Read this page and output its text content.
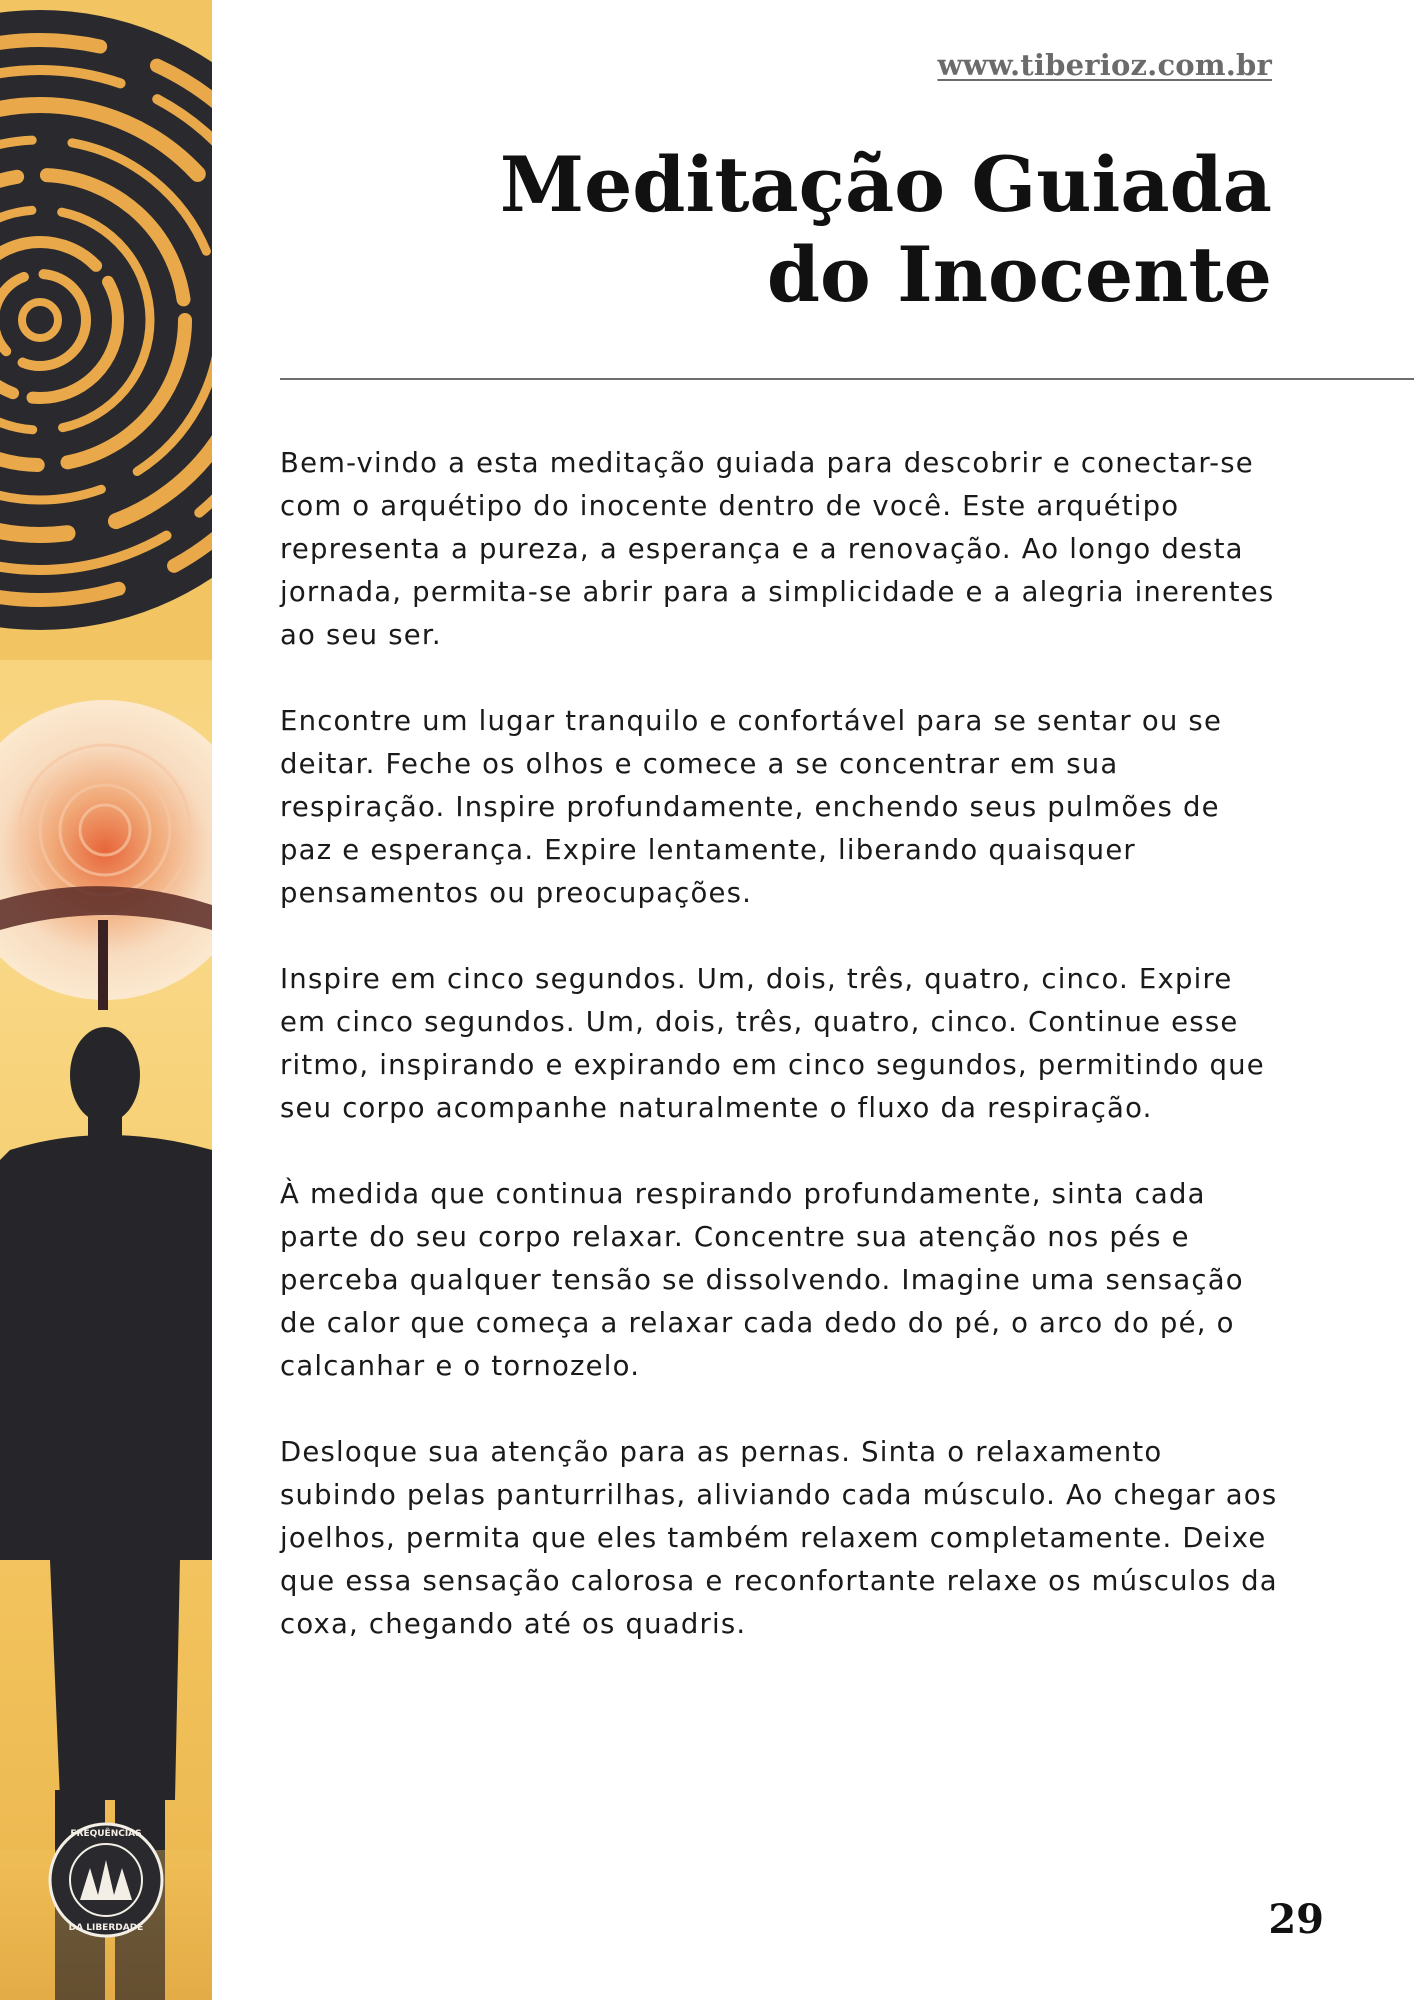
FREQUÊNCIAS
DA LIBERDADE
www.tiberioz.com.br
Meditação Guiada
do Inocente

Bem-vindo a esta meditação guiada para descobrir e conectar-se com o arquétipo do inocente dentro de você. Este arquétipo representa a pureza, a esperança e a renovação. Ao longo desta jornada, permita-se abrir para a simplicidade e a alegria inerentes ao seu ser.

Encontre um lugar tranquilo e confortável para se sentar ou se deitar. Feche os olhos e comece a se concentrar em sua respiração. Inspire profundamente, enchendo seus pulmões de paz e esperança. Expire lentamente, liberando quaisquer pensamentos ou preocupações.

Inspire em cinco segundos. Um, dois, três, quatro, cinco. Expire em cinco segundos. Um, dois, três, quatro, cinco. Continue esse ritmo, inspirando e expirando em cinco segundos, permitindo que seu corpo acompanhe naturalmente o fluxo da respiração.

À medida que continua respirando profundamente, sinta cada parte do seu corpo relaxar. Concentre sua atenção nos pés e perceba qualquer tensão se dissolvendo. Imagine uma sensação de calor que começa a relaxar cada dedo do pé, o arco do pé, o calcanhar e o tornozelo.

Desloque sua atenção para as pernas. Sinta o relaxamento subindo pelas panturrilhas, aliviando cada músculo. Ao chegar aos joelhos, permita que eles também relaxem completamente. Deixe que essa sensação calorosa e reconfortante relaxe os músculos da coxa, chegando até os quadris.

29
